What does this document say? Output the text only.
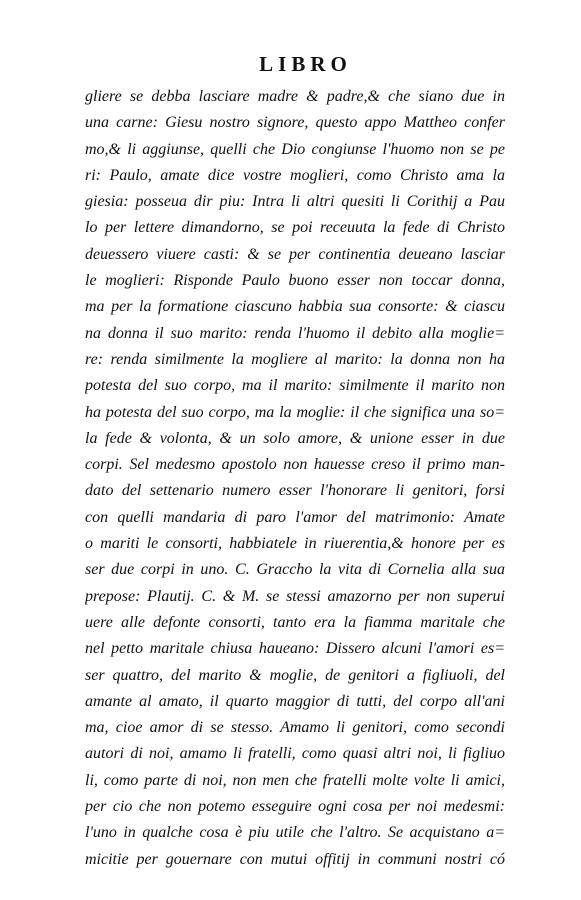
LIBRO
gliere se debba lasciare madre & padre,& che siano due in
una carne: Giesu nostro signore, questo appo Mattheo confer
mo,& li aggiunse, quelli che Dio congiunse l'huomo non se pe
ri: Paulo, amate dice vostre moglieri, como Christo ama la
giesia: posseua dir piu: Intra li altri quesiti li Corithij a Pau
lo per lettere dimandorno, se poi receuuta la fede di Christo
deuessero viuere casti: & se per continentia deueano lasciar
le moglieri: Risponde Paulo buono esser non toccar donna,
ma per la formatione ciascuno habbia sua consorte: & ciascu
na donna il suo marito: renda l'huomo il debito alla moglie=
re: renda similmente la mogliere al marito: la donna non ha
potesta del suo corpo, ma il marito: similmente il marito non
ha potesta del suo corpo, ma la moglie: il che significa una so=
la fede & volonta, & un solo amore, & unione esser in due
corpi. Sel medesmo apostolo non hauesse creso il primo man-
dato del settenario numero esser l'honorare li genitori, forsi
con quelli mandaria di paro l'amor del matrimonio: Amate
o mariti le consorti, habbiatele in riuerentia,& honore per es
ser due corpi in uno. C. Graccho la vita di Cornelia alla sua
prepose: Plautij. C. & M. se stessi amazorno per non superui
uere alle defonte consorti, tanto era la fiamma maritale che
nel petto maritale chiusa haueano: Dissero alcuni l'amori es=
ser quattro, del marito & moglie, de genitori a figliuoli, del
amante al amato, il quarto maggior di tutti, del corpo all'ani
ma, cioe amor di se stesso. Amamo li genitori, como secondi
autori di noi, amamo li fratelli, como quasi altri noi, li figliuo
li, como parte di noi, non men che fratelli molte volte li amici,
per cio che non potemo esseguire ogni cosa per noi medesmi:
l'uno in qualche cosa è piu utile che l'altro. Se acquistano a=
micitie per gouernare con mutui offitij in communi nostri có
